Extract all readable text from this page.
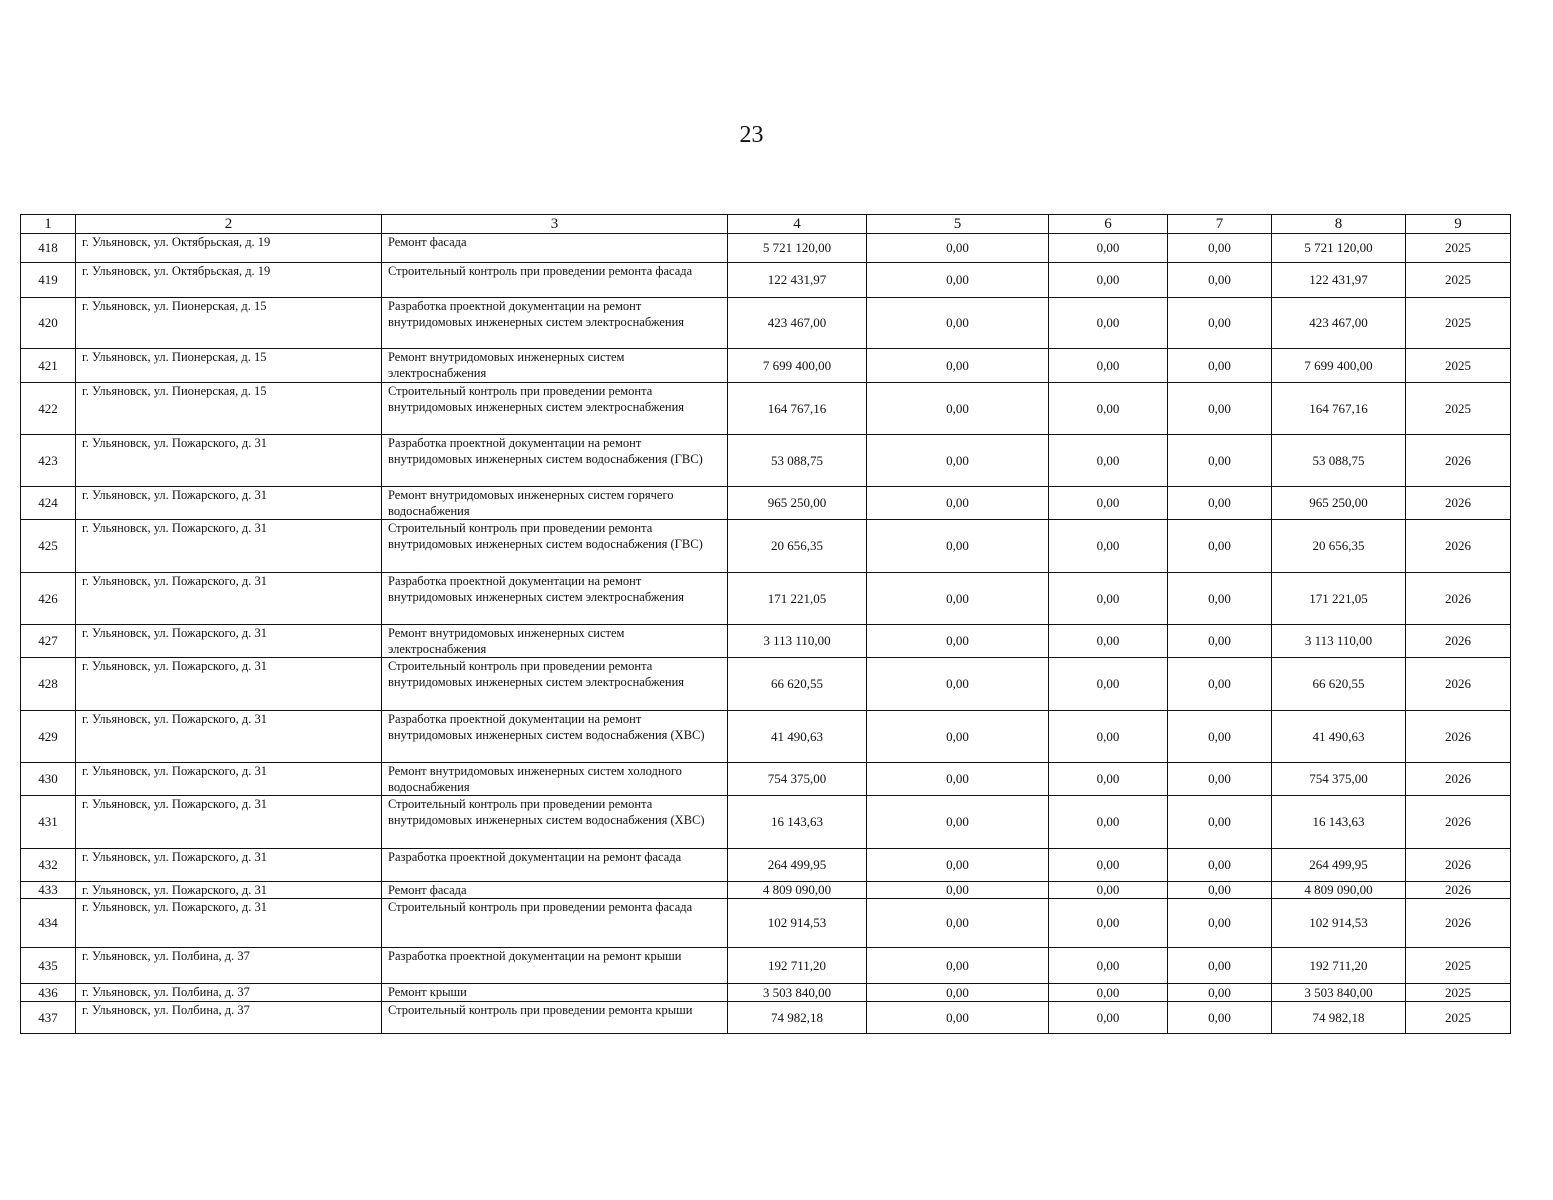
23
1	2	3	4	5	6	7	8	9
418	г. Ульяновск, ул. Октябрьская, д. 19	Ремонт фасада	5 721 120,00	0,00	0,00	0,00	5 721 120,00	2025
419	г. Ульяновск, ул. Октябрьская, д. 19	Строительный контроль при проведении ремонта фасада	122 431,97	0,00	0,00	0,00	122 431,97	2025
420	г. Ульяновск, ул. Пионерская, д. 15	Разработка проектной документации на ремонт внутридомовых инженерных систем электроснабжения	423 467,00	0,00	0,00	0,00	423 467,00	2025
421	г. Ульяновск, ул. Пионерская, д. 15	Ремонт внутридомовых инженерных систем электроснабжения	7 699 400,00	0,00	0,00	0,00	7 699 400,00	2025
422	г. Ульяновск, ул. Пионерская, д. 15	Строительный контроль при проведении ремонта внутридомовых инженерных систем электроснабжения	164 767,16	0,00	0,00	0,00	164 767,16	2025
423	г. Ульяновск, ул. Пожарского, д. 31	Разработка проектной документации на ремонт внутридомовых инженерных систем водоснабжения (ГВС)	53 088,75	0,00	0,00	0,00	53 088,75	2026
424	г. Ульяновск, ул. Пожарского, д. 31	Ремонт внутридомовых инженерных систем горячего водоснабжения	965 250,00	0,00	0,00	0,00	965 250,00	2026
425	г. Ульяновск, ул. Пожарского, д. 31	Строительный контроль при проведении ремонта внутридомовых инженерных систем водоснабжения (ГВС)	20 656,35	0,00	0,00	0,00	20 656,35	2026
426	г. Ульяновск, ул. Пожарского, д. 31	Разработка проектной документации на ремонт внутридомовых инженерных систем электроснабжения	171 221,05	0,00	0,00	0,00	171 221,05	2026
427	г. Ульяновск, ул. Пожарского, д. 31	Ремонт внутридомовых инженерных систем электроснабжения	3 113 110,00	0,00	0,00	0,00	3 113 110,00	2026
428	г. Ульяновск, ул. Пожарского, д. 31	Строительный контроль при проведении ремонта внутридомовых инженерных систем электроснабжения	66 620,55	0,00	0,00	0,00	66 620,55	2026
429	г. Ульяновск, ул. Пожарского, д. 31	Разработка проектной документации на ремонт внутридомовых инженерных систем водоснабжения (ХВС)	41 490,63	0,00	0,00	0,00	41 490,63	2026
430	г. Ульяновск, ул. Пожарского, д. 31	Ремонт внутридомовых инженерных систем холодного водоснабжения	754 375,00	0,00	0,00	0,00	754 375,00	2026
431	г. Ульяновск, ул. Пожарского, д. 31	Строительный контроль при проведении ремонта внутридомовых инженерных систем водоснабжения (ХВС)	16 143,63	0,00	0,00	0,00	16 143,63	2026
432	г. Ульяновск, ул. Пожарского, д. 31	Разработка проектной документации на ремонт фасада	264 499,95	0,00	0,00	0,00	264 499,95	2026
433	г. Ульяновск, ул. Пожарского, д. 31	Ремонт фасада	4 809 090,00	0,00	0,00	0,00	4 809 090,00	2026
434	г. Ульяновск, ул. Пожарского, д. 31	Строительный контроль при проведении ремонта фасада	102 914,53	0,00	0,00	0,00	102 914,53	2026
435	г. Ульяновск, ул. Полбина, д. 37	Разработка проектной документации на ремонт крыши	192 711,20	0,00	0,00	0,00	192 711,20	2025
436	г. Ульяновск, ул. Полбина, д. 37	Ремонт крыши	3 503 840,00	0,00	0,00	0,00	3 503 840,00	2025
437	г. Ульяновск, ул. Полбина, д. 37	Строительный контроль при проведении ремонта крыши	74 982,18	0,00	0,00	0,00	74 982,18	2025
